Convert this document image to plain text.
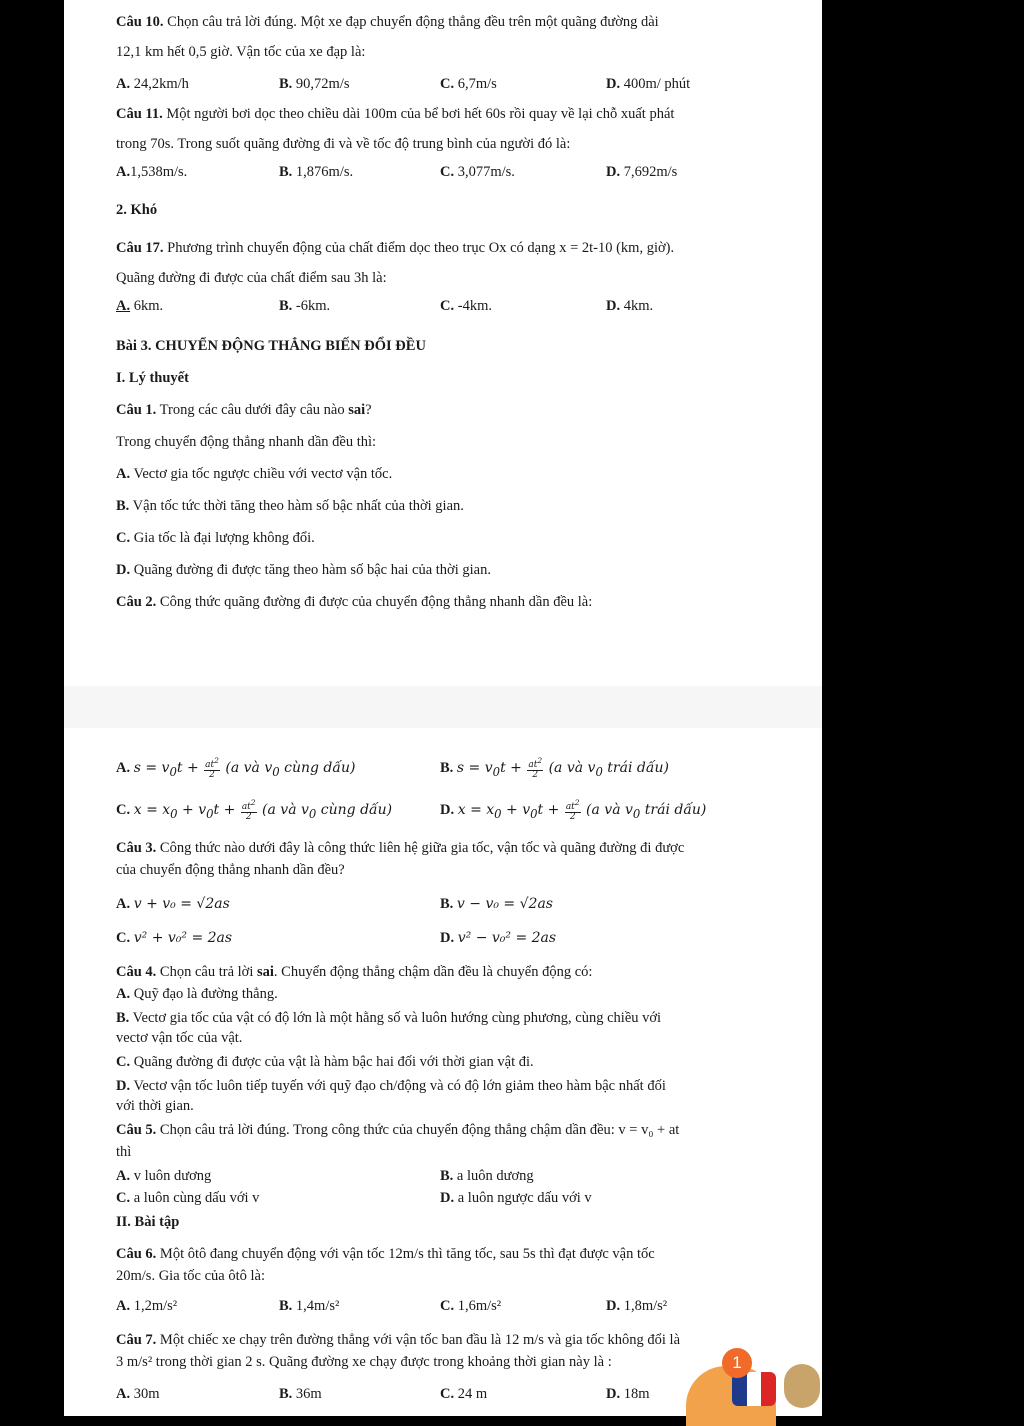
Câu 10. Chọn câu trả lời đúng. Một xe đạp chuyển động thẳng đều trên một quãng đường dài
12,1 km hết 0,5 giờ. Vận tốc của xe đạp là:
A. 24,2km/h	B. 90,72m/s	C. 6,7m/s	D. 400m/ phút
Câu 11. Một người bơi dọc theo chiều dài 100m của bể bơi hết 60s rồi quay về lại chỗ xuất phát
trong 70s. Trong suốt quãng đường đi và về tốc độ trung bình của người đó là:
A.1,538m/s.	B. 1,876m/s.	C. 3,077m/s.	D. 7,692m/s
2. Khó
Câu 17. Phương trình chuyển động của chất điểm dọc theo trục Ox có dạng x = 2t-10 (km, giờ).
Quãng đường đi được của chất điểm sau 3h là:
A. 6km.	B. -6km.	C. -4km.	D. 4km.
Bài 3. CHUYỂN ĐỘNG THẲNG BIẾN ĐỔI ĐỀU
I. Lý thuyết
Câu 1. Trong các câu dưới đây câu nào sai?
Trong chuyển động thẳng nhanh dần đều thì:
A. Vectơ gia tốc ngược chiều với vectơ vận tốc.
B. Vận tốc tức thời tăng theo hàm số bậc nhất của thời gian.
C. Gia tốc là đại lượng không đổi.
D. Quãng đường đi được tăng theo hàm số bậc hai của thời gian.
Câu 2. Công thức quãng đường đi được của chuyển động thẳng nhanh dần đều là:
A. $s = v_0t + \frac{at^2}{2} (a$ và $v_0$ cùng dấu)	B. $s = v_0t + \frac{at^2}{2} (a$ và $v_0$ trái dấu)
C. $x = x_0 + v_0t + \frac{at^2}{2} (a$ và $v_0$ cùng dấu)	D. $x = x_0 + v_0t + \frac{at^2}{2} (a$ và $v_0$ trái dấu)
Câu 3. Công thức nào dưới đây là công thức liên hệ giữa gia tốc, vận tốc và quãng đường đi được
của chuyển động thẳng nhanh dần đều?
A. v + v₀ = √2as	B. v − v₀ = √2as
C. v² + v₀² = 2as	D. v² − v₀² = 2as
Câu 4. Chọn câu trả lời sai. Chuyển động thẳng chậm dần đều là chuyển động có:
A. Quỹ đạo là đường thẳng.
B. Vectơ gia tốc của vật có độ lớn là một hằng số và luôn hướng cùng phương, cùng chiều với
vectơ vận tốc của vật.
C. Quãng đường đi được của vật là hàm bậc hai đối với thời gian vật đi.
D. Vectơ vận tốc luôn tiếp tuyến với quỹ đạo ch/động và có độ lớn giảm theo hàm bậc nhất đối
với thời gian.
Câu 5. Chọn câu trả lời đúng. Trong công thức của chuyển động thẳng chậm dần đều: v = v₀ + at
thì
A. v luôn dương	B. a luôn dương
C. a luôn cùng dấu với v	D. a luôn ngược dấu với v
II. Bài tập
Câu 6. Một ôtô đang chuyển động với vận tốc 12m/s thì tăng tốc, sau 5s thì đạt được vận tốc
20m/s. Gia tốc của ôtô là:
A. 1,2m/s²	B. 1,4m/s²	C. 1,6m/s²	D. 1,8m/s²
Câu 7. Một chiếc xe chạy trên đường thẳng với vận tốc ban đầu là 12 m/s và gia tốc không đổi là
3 m/s² trong thời gian 2 s. Quãng đường xe chạy được trong khoảng thời gian này là :
A. 30m	B. 36m	C. 24 m	D. 18m
1
